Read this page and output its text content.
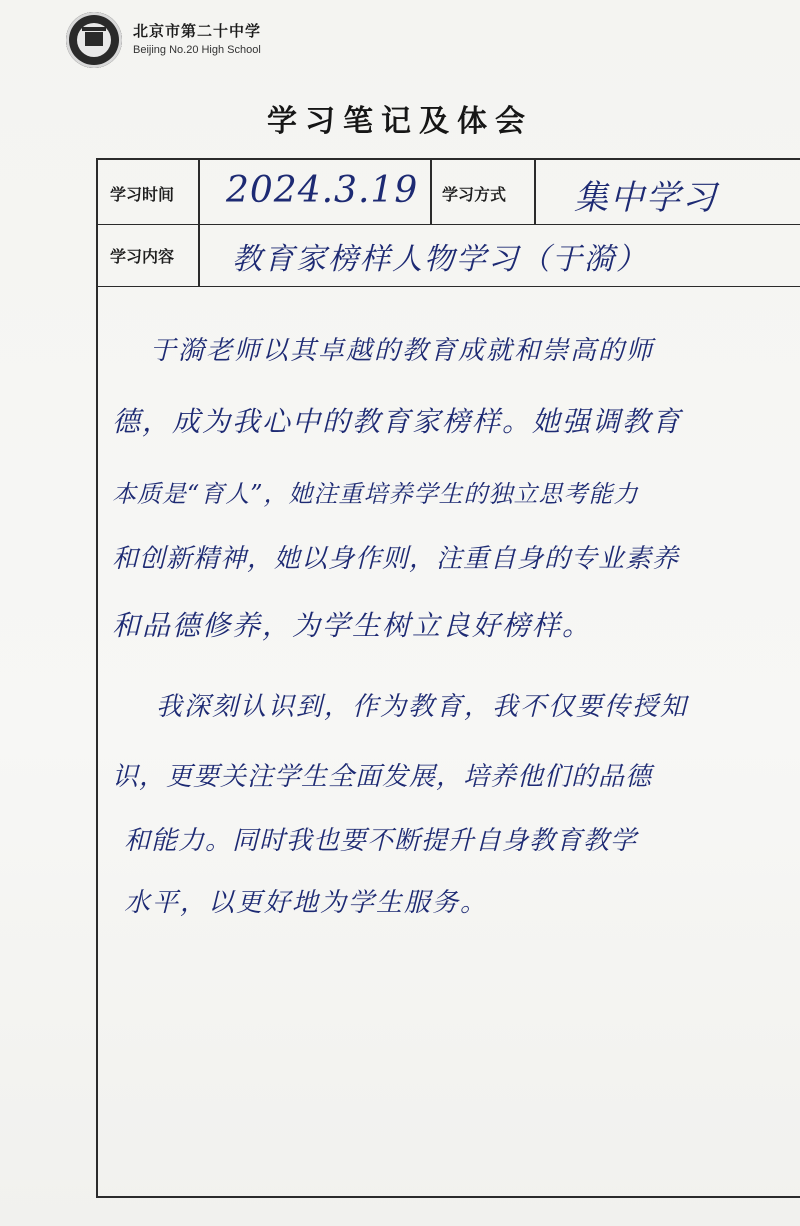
北京市第二十中学
Beijing No.20 High School
学习笔记及体会
学习时间 2024.3.19 学习方式 集中学习
学习内容 教育家榜样人物学习（于漪）
于漪老师以其卓越的教育成就和崇高的师
德，成为我心中的教育家榜样。她强调教育
本质是“育人”，她注重培养学生的独立思考能力
和创新精神，她以身作则，注重自身的专业素养
和品德修养，为学生树立良好榜样。
我深刻认识到，作为教育，我不仅要传授知
识，更要关注学生全面发展，培养他们的品德
和能力。同时我也要不断提升自身教育教学
水平，以更好地为学生服务。
